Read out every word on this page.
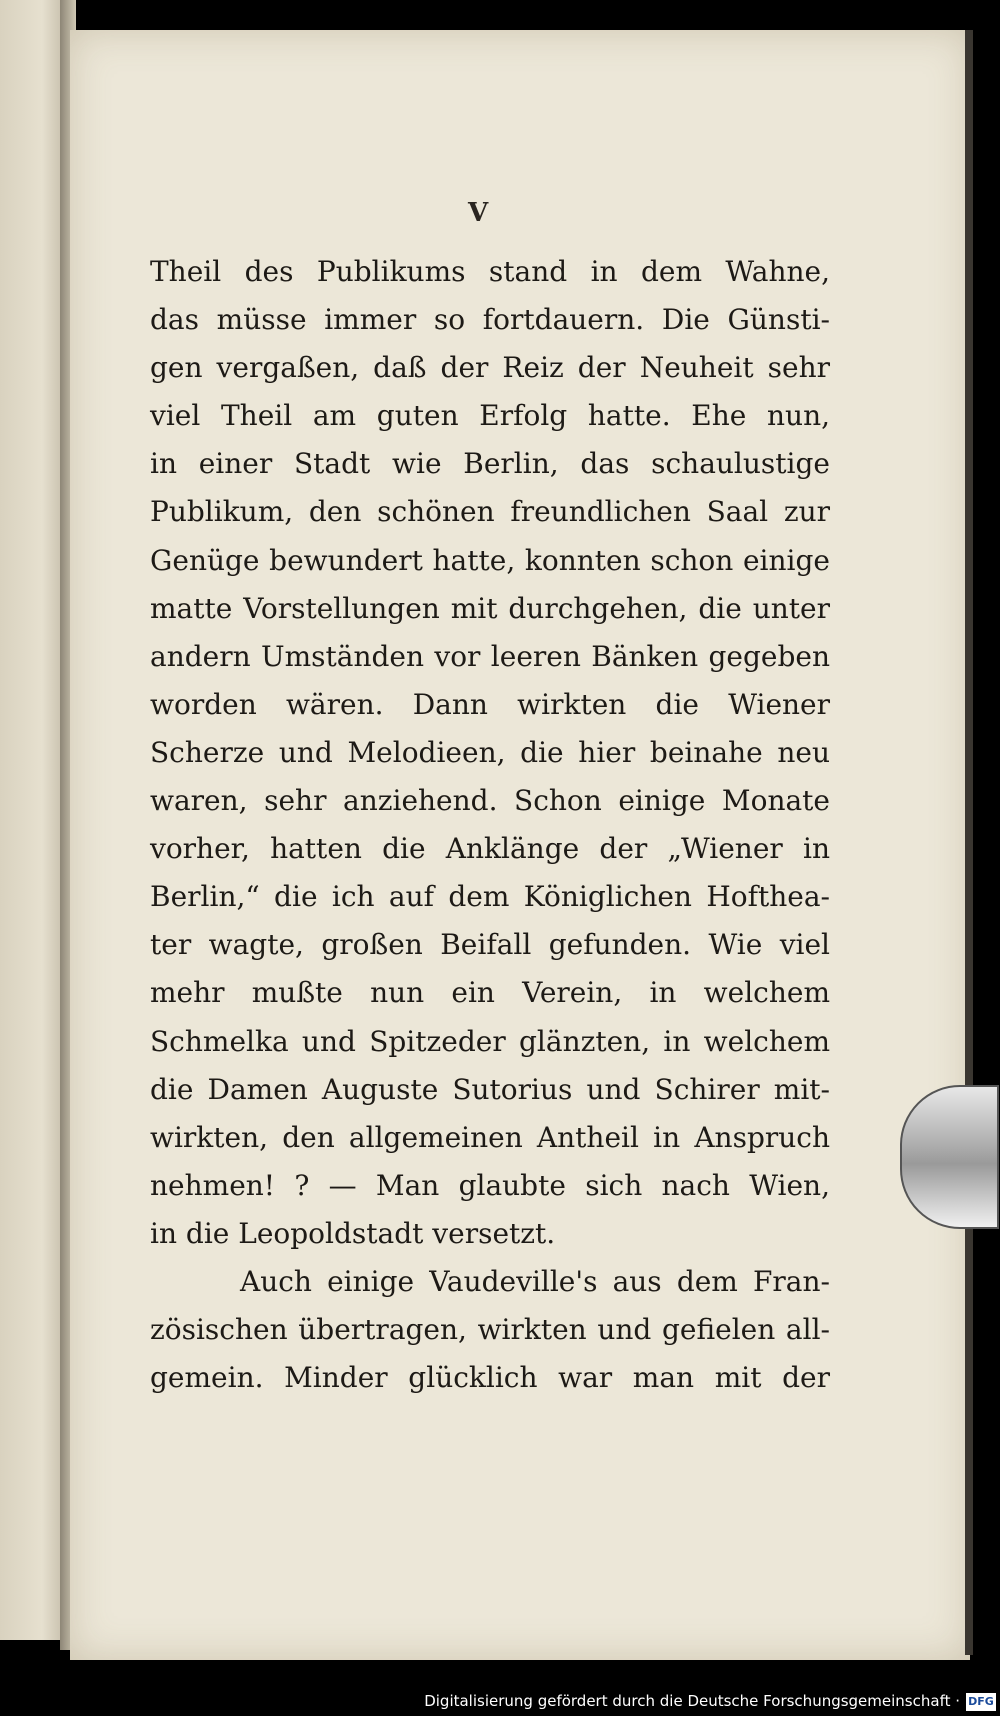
V
Theil des Publikums stand in dem Wahne,
das müsse immer so fortdauern. Die Günsti-
gen vergaßen, daß der Reiz der Neuheit sehr
viel Theil am guten Erfolg hatte. Ehe nun,
in einer Stadt wie Berlin, das schaulustige
Publikum, den schönen freundlichen Saal zur
Genüge bewundert hatte, konnten schon einige
matte Vorstellungen mit durchgehen, die unter
andern Umständen vor leeren Bänken gegeben
worden wären. Dann wirkten die Wiener
Scherze und Melodieen, die hier beinahe neu
waren, sehr anziehend. Schon einige Monate
vorher, hatten die Anklänge der „Wiener in
Berlin,“ die ich auf dem Königlichen Hofthea-
ter wagte, großen Beifall gefunden. Wie viel
mehr mußte nun ein Verein, in welchem
Schmelka und Spitzeder glänzten, in welchem
die Damen Auguste Sutorius und Schirer mit-
wirkten, den allgemeinen Antheil in Anspruch
nehmen! ? — Man glaubte sich nach Wien,
in die Leopoldstadt versetzt.
Auch einige Vaudeville's aus dem Fran-
zösischen übertragen, wirkten und gefielen all-
gemein. Minder glücklich war man mit der
Digitalisierung gefördert durch die Deutsche Forschungsgemeinschaft · DFG
